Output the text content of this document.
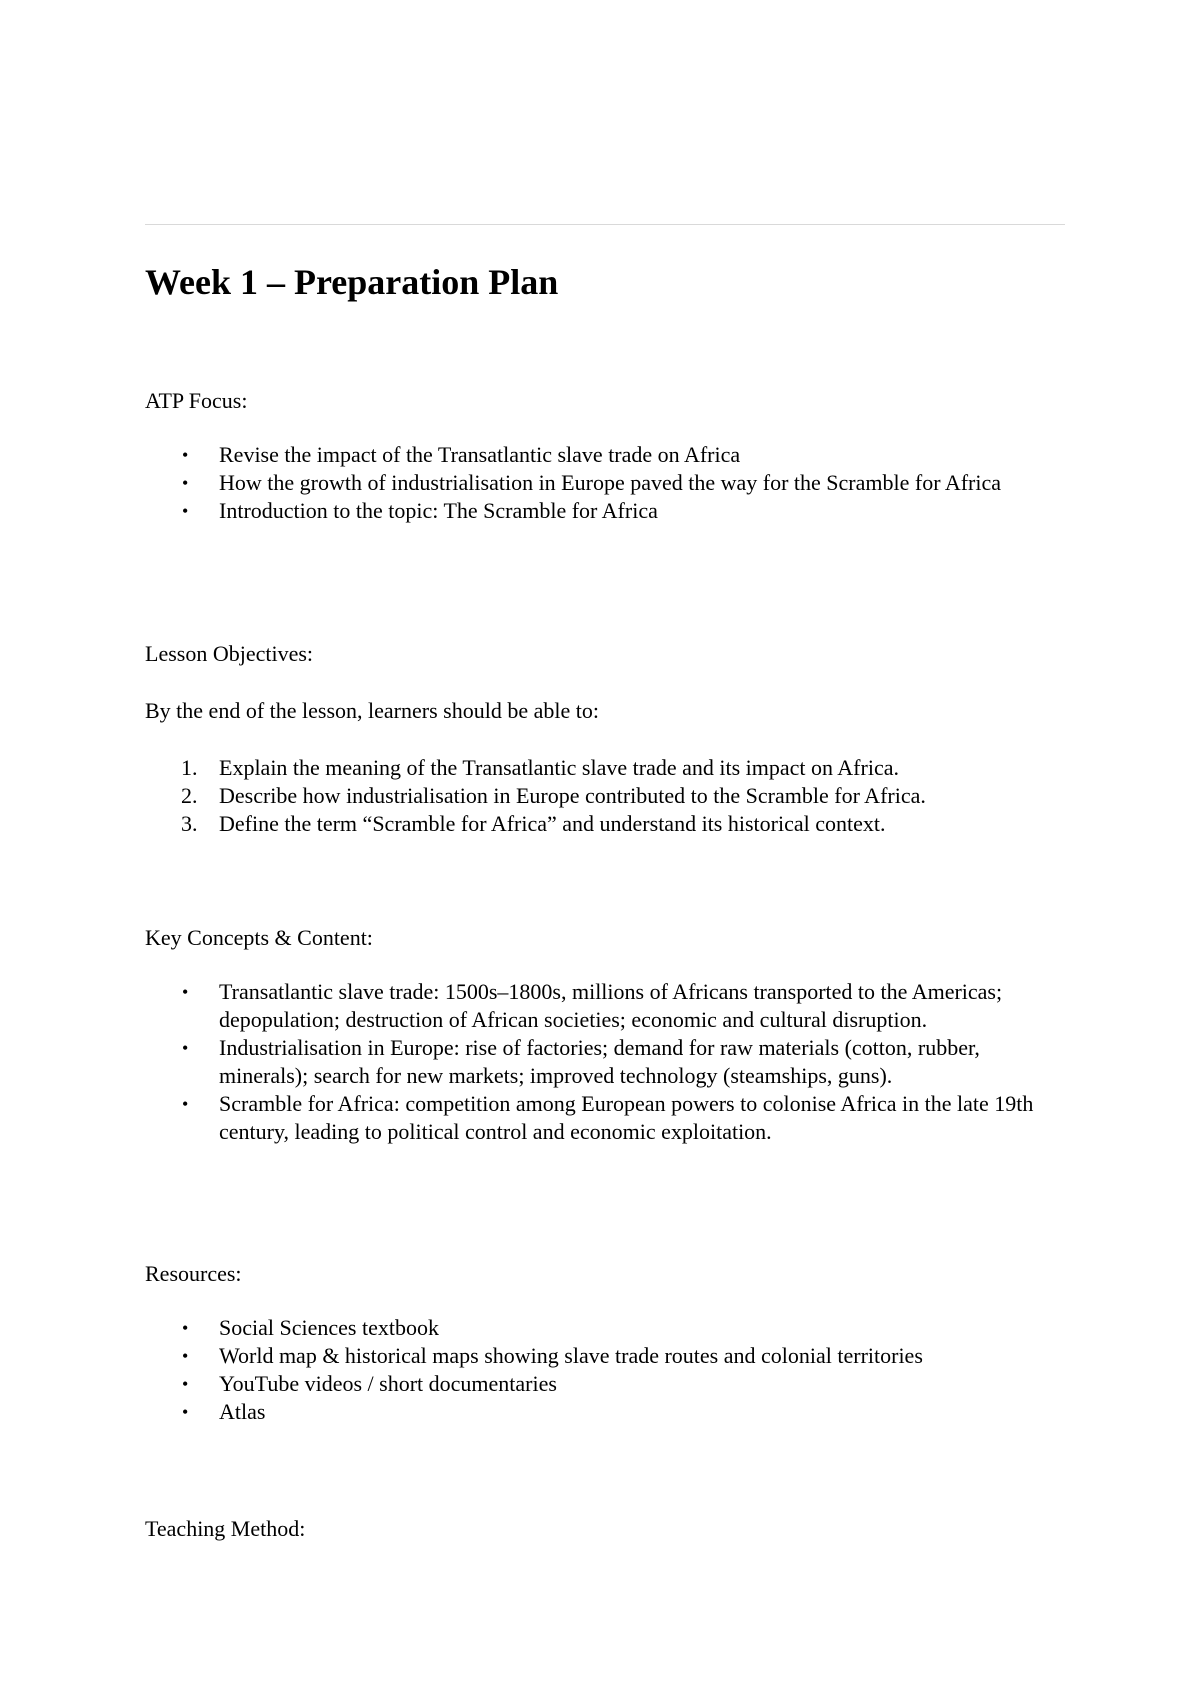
Week 1 – Preparation Plan

ATP Focus:

•	Revise the impact of the Transatlantic slave trade on Africa
•	How the growth of industrialisation in Europe paved the way for the Scramble for Africa
•	Introduction to the topic: The Scramble for Africa

Lesson Objectives:

By the end of the lesson, learners should be able to:

1. Explain the meaning of the Transatlantic slave trade and its impact on Africa.
2. Describe how industrialisation in Europe contributed to the Scramble for Africa.
3. Define the term “Scramble for Africa” and understand its historical context.

Key Concepts & Content:

•	Transatlantic slave trade: 1500s–1800s, millions of Africans transported to the Americas; depopulation; destruction of African societies; economic and cultural disruption.
•	Industrialisation in Europe: rise of factories; demand for raw materials (cotton, rubber, minerals); search for new markets; improved technology (steamships, guns).
•	Scramble for Africa: competition among European powers to colonise Africa in the late 19th century, leading to political control and economic exploitation.

Resources:

•	Social Sciences textbook
•	World map & historical maps showing slave trade routes and colonial territories
•	YouTube videos / short documentaries
•	Atlas

Teaching Method:
